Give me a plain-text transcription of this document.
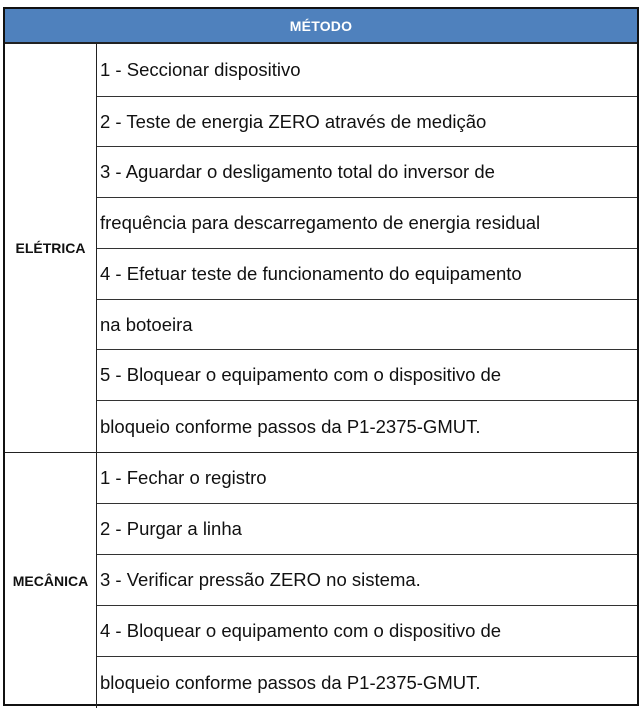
MÉTODO
ELÉTRICA
1 - Seccionar dispositivo
2 - Teste de energia ZERO através de medição
3 - Aguardar o desligamento total do inversor de
frequência para descarregamento de energia residual
4 - Efetuar teste de funcionamento do equipamento
na botoeira
5 - Bloquear o equipamento com o dispositivo de
bloqueio conforme passos da P1-2375-GMUT.
MECÂNICA
1 - Fechar o registro
2 - Purgar a linha
3 - Verificar pressão ZERO no sistema.
4 - Bloquear o equipamento com o dispositivo de
bloqueio conforme passos da P1-2375-GMUT.
